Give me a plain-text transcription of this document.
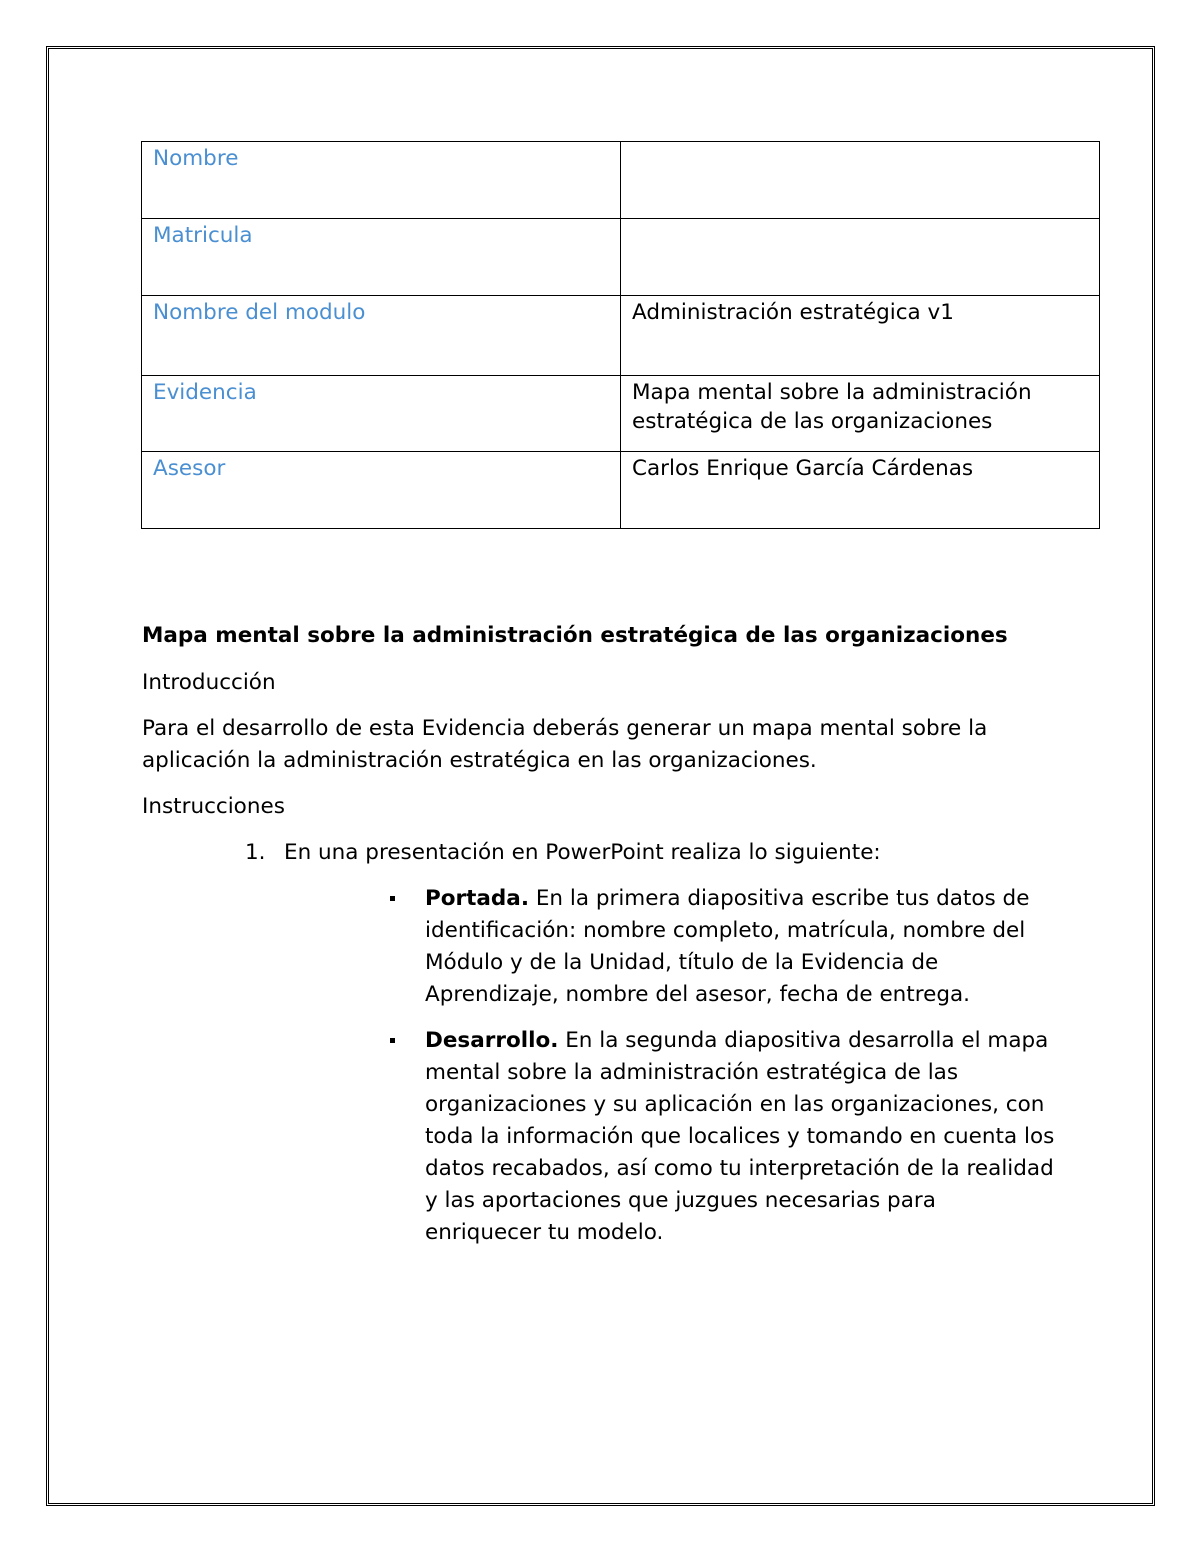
Nombre	
Matricula	
Nombre del modulo	Administración estratégica v1
Evidencia	Mapa mental sobre la administración estratégica de las organizaciones
Asesor	Carlos Enrique García Cárdenas
Mapa mental sobre la administración estratégica de las organizaciones
Introducción
Para el desarrollo de esta Evidencia deberás generar un mapa mental sobre la aplicación la administración estratégica en las organizaciones.
Instrucciones
1. En una presentación en PowerPoint realiza lo siguiente:
Portada. En la primera diapositiva escribe tus datos de identificación: nombre completo, matrícula, nombre del Módulo y de la Unidad, título de la Evidencia de Aprendizaje, nombre del asesor, fecha de entrega.
Desarrollo. En la segunda diapositiva desarrolla el mapa mental sobre la administración estratégica de las organizaciones y su aplicación en las organizaciones, con toda la información que localices y tomando en cuenta los datos recabados, así como tu interpretación de la realidad y las aportaciones que juzgues necesarias para enriquecer tu modelo.
